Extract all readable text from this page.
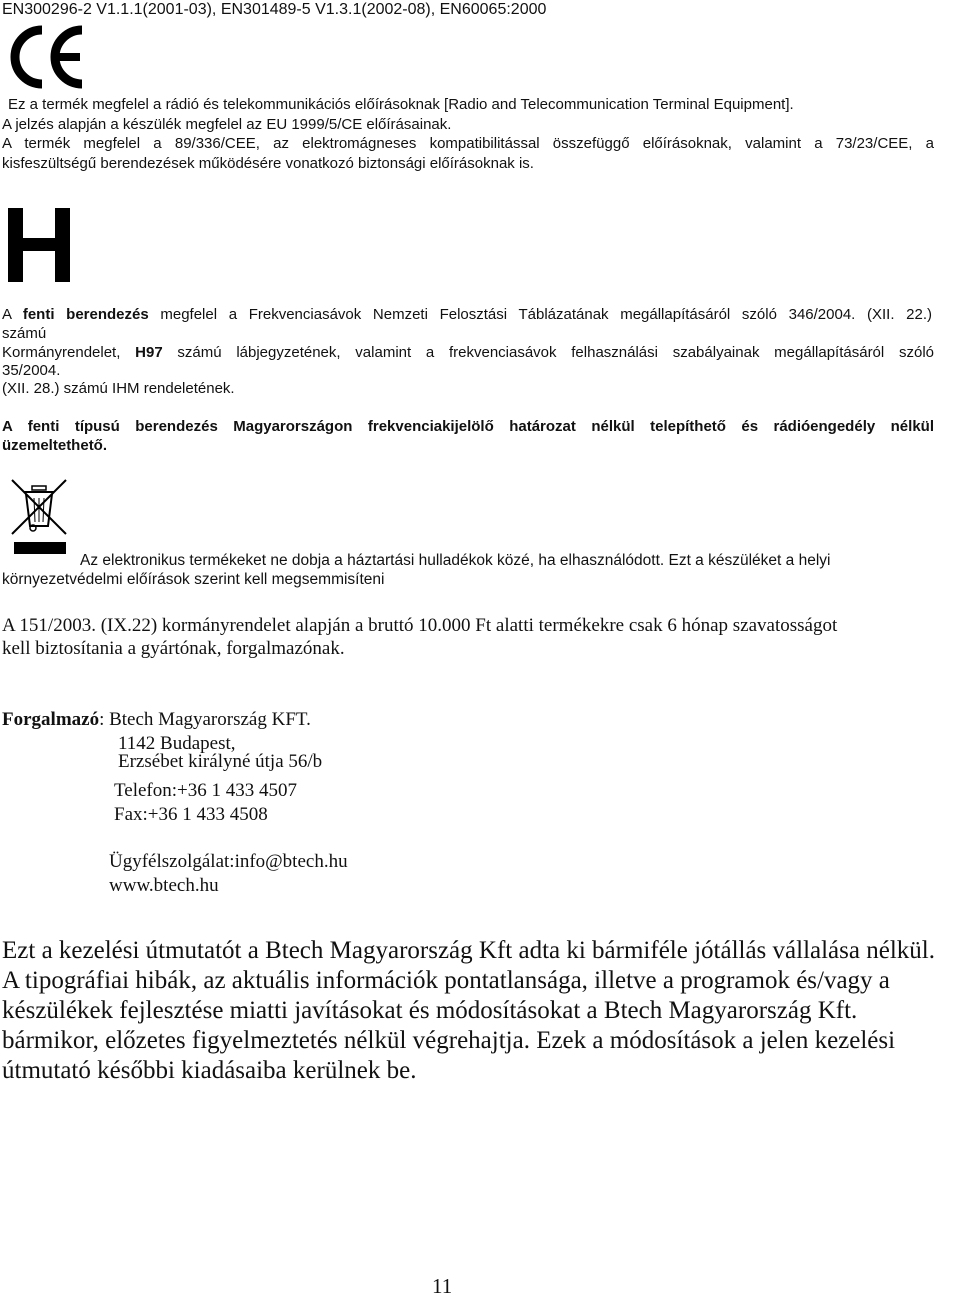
EN300296-2 V1.1.1(2001-03), EN301489-5 V1.3.1(2002-08), EN60065:2000
Ez a termék megfelel a rádió és telekommunikációs előírásoknak [Radio and Telecommunication Terminal Equipment].
A jelzés alapján a készülék megfelel az EU 1999/5/CE előírásainak.
A termék megfelel a 89/336/CEE, az elektromágneses kompatibilitással összefüggő előírásoknak, valamint a 73/23/CEE, a
kisfeszültségű berendezések működésére vonatkozó biztonsági előírásoknak is.
A fenti berendezés megfelel a Frekvenciasávok Nemzeti Felosztási Táblázatának megállapításáról szóló 346/2004. (XII. 22.)
számú
Kormányrendelet, H97 számú lábjegyzetének, valamint a frekvenciasávok felhasználási szabályainak megállapításáról szóló
35/2004.
(XII. 28.) számú IHM rendeletének.
A fenti típusú berendezés Magyarországon frekvenciakijelölő határozat nélkül telepíthető és rádióengedély nélkül
üzemeltethető.
Az elektronikus termékeket ne dobja a háztartási hulladékok közé, ha elhasználódott. Ezt a készüléket a helyi
környezetvédelmi előírások szerint kell megsemmisíteni
A 151/2003. (IX.22) kormányrendelet alapján a bruttó 10.000 Ft alatti termékekre csak 6 hónap szavatosságot
kell biztosítania a gyártónak, forgalmazónak.
Forgalmazó: Btech Magyarország KFT.
1142 Budapest,
Erzsébet királyné útja 56/b
Telefon:+36 1 433 4507
Fax:+36 1 433 4508
Ügyfélszolgálat:info@btech.hu
www.btech.hu
Ezt a kezelési útmutatót a Btech Magyarország Kft adta ki bármiféle jótállás vállalása nélkül.
A tipográfiai hibák, az aktuális információk pontatlansága, illetve a programok és/vagy a
készülékek fejlesztése miatti javításokat és módosításokat a Btech Magyarország Kft.
bármikor, előzetes figyelmeztetés nélkül végrehajtja. Ezek a módosítások a jelen kezelési
útmutató későbbi kiadásaiba kerülnek be.
11
